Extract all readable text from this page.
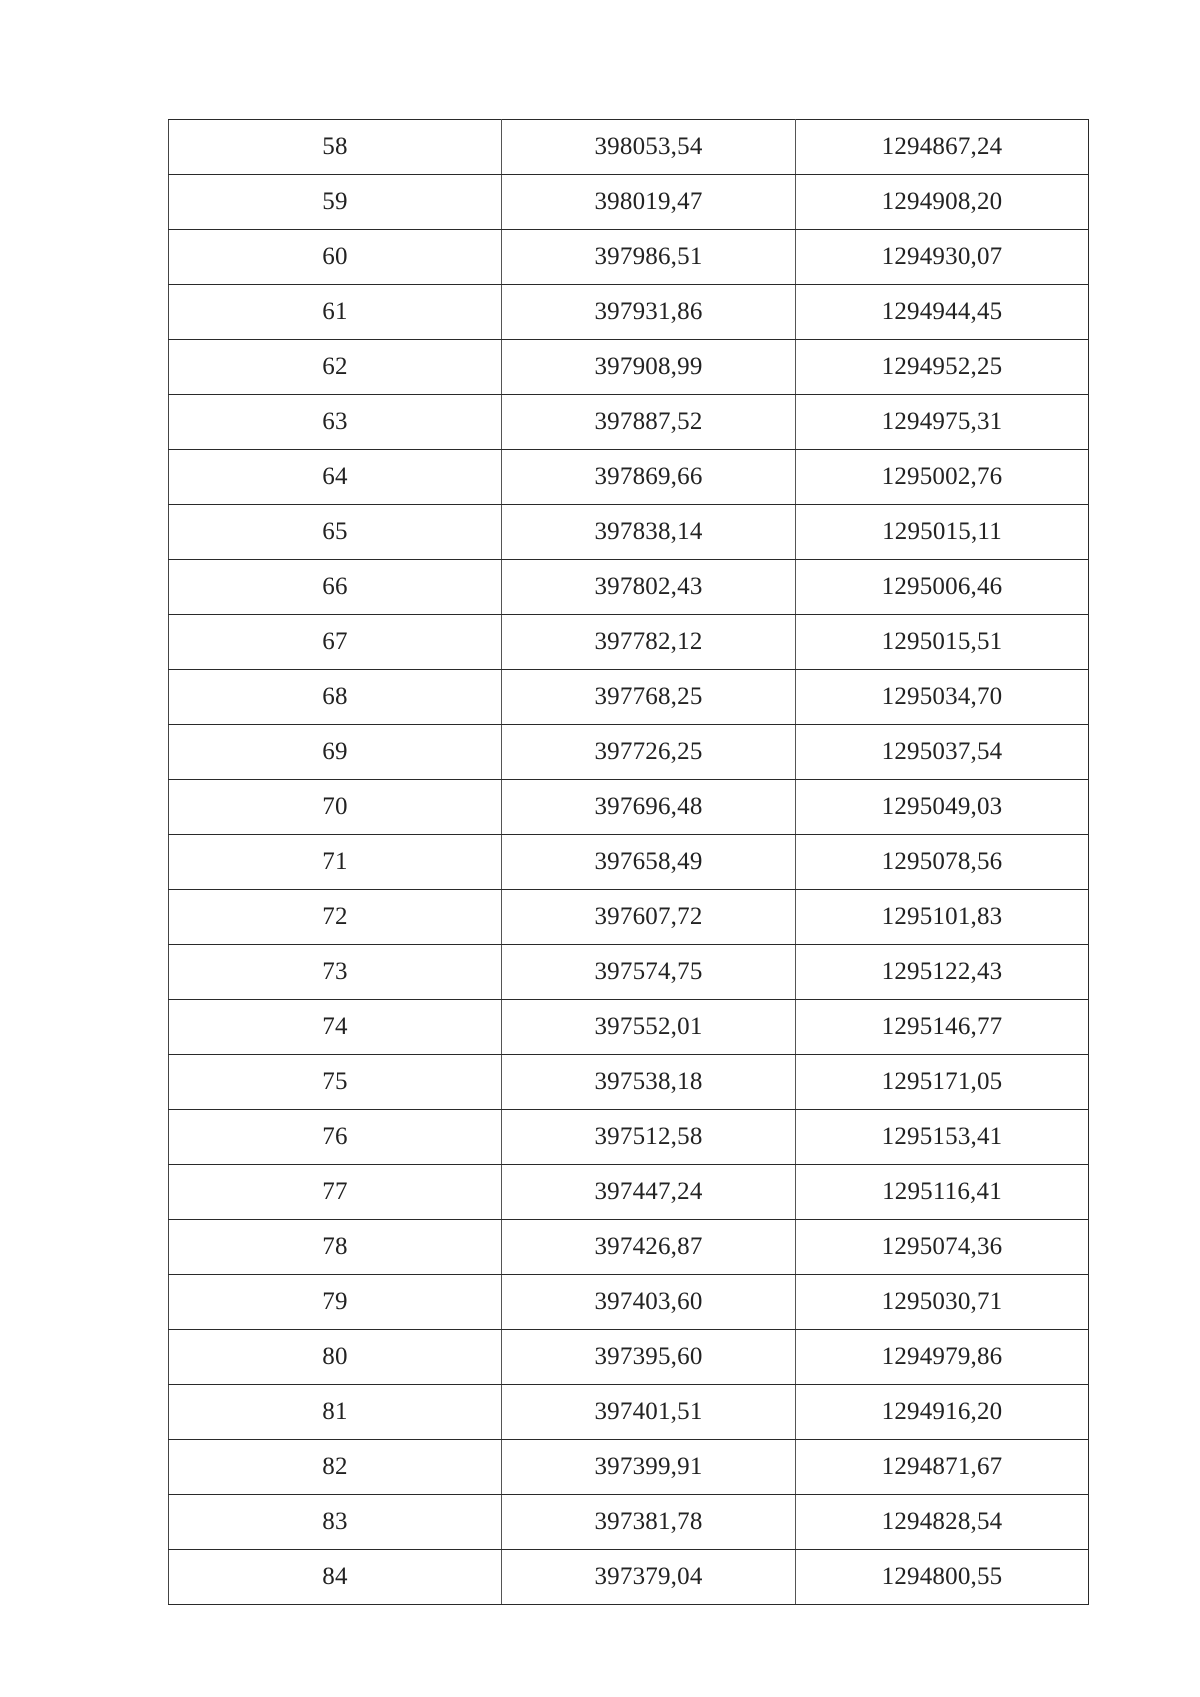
58	398053,54	1294867,24
59	398019,47	1294908,20
60	397986,51	1294930,07
61	397931,86	1294944,45
62	397908,99	1294952,25
63	397887,52	1294975,31
64	397869,66	1295002,76
65	397838,14	1295015,11
66	397802,43	1295006,46
67	397782,12	1295015,51
68	397768,25	1295034,70
69	397726,25	1295037,54
70	397696,48	1295049,03
71	397658,49	1295078,56
72	397607,72	1295101,83
73	397574,75	1295122,43
74	397552,01	1295146,77
75	397538,18	1295171,05
76	397512,58	1295153,41
77	397447,24	1295116,41
78	397426,87	1295074,36
79	397403,60	1295030,71
80	397395,60	1294979,86
81	397401,51	1294916,20
82	397399,91	1294871,67
83	397381,78	1294828,54
84	397379,04	1294800,55
